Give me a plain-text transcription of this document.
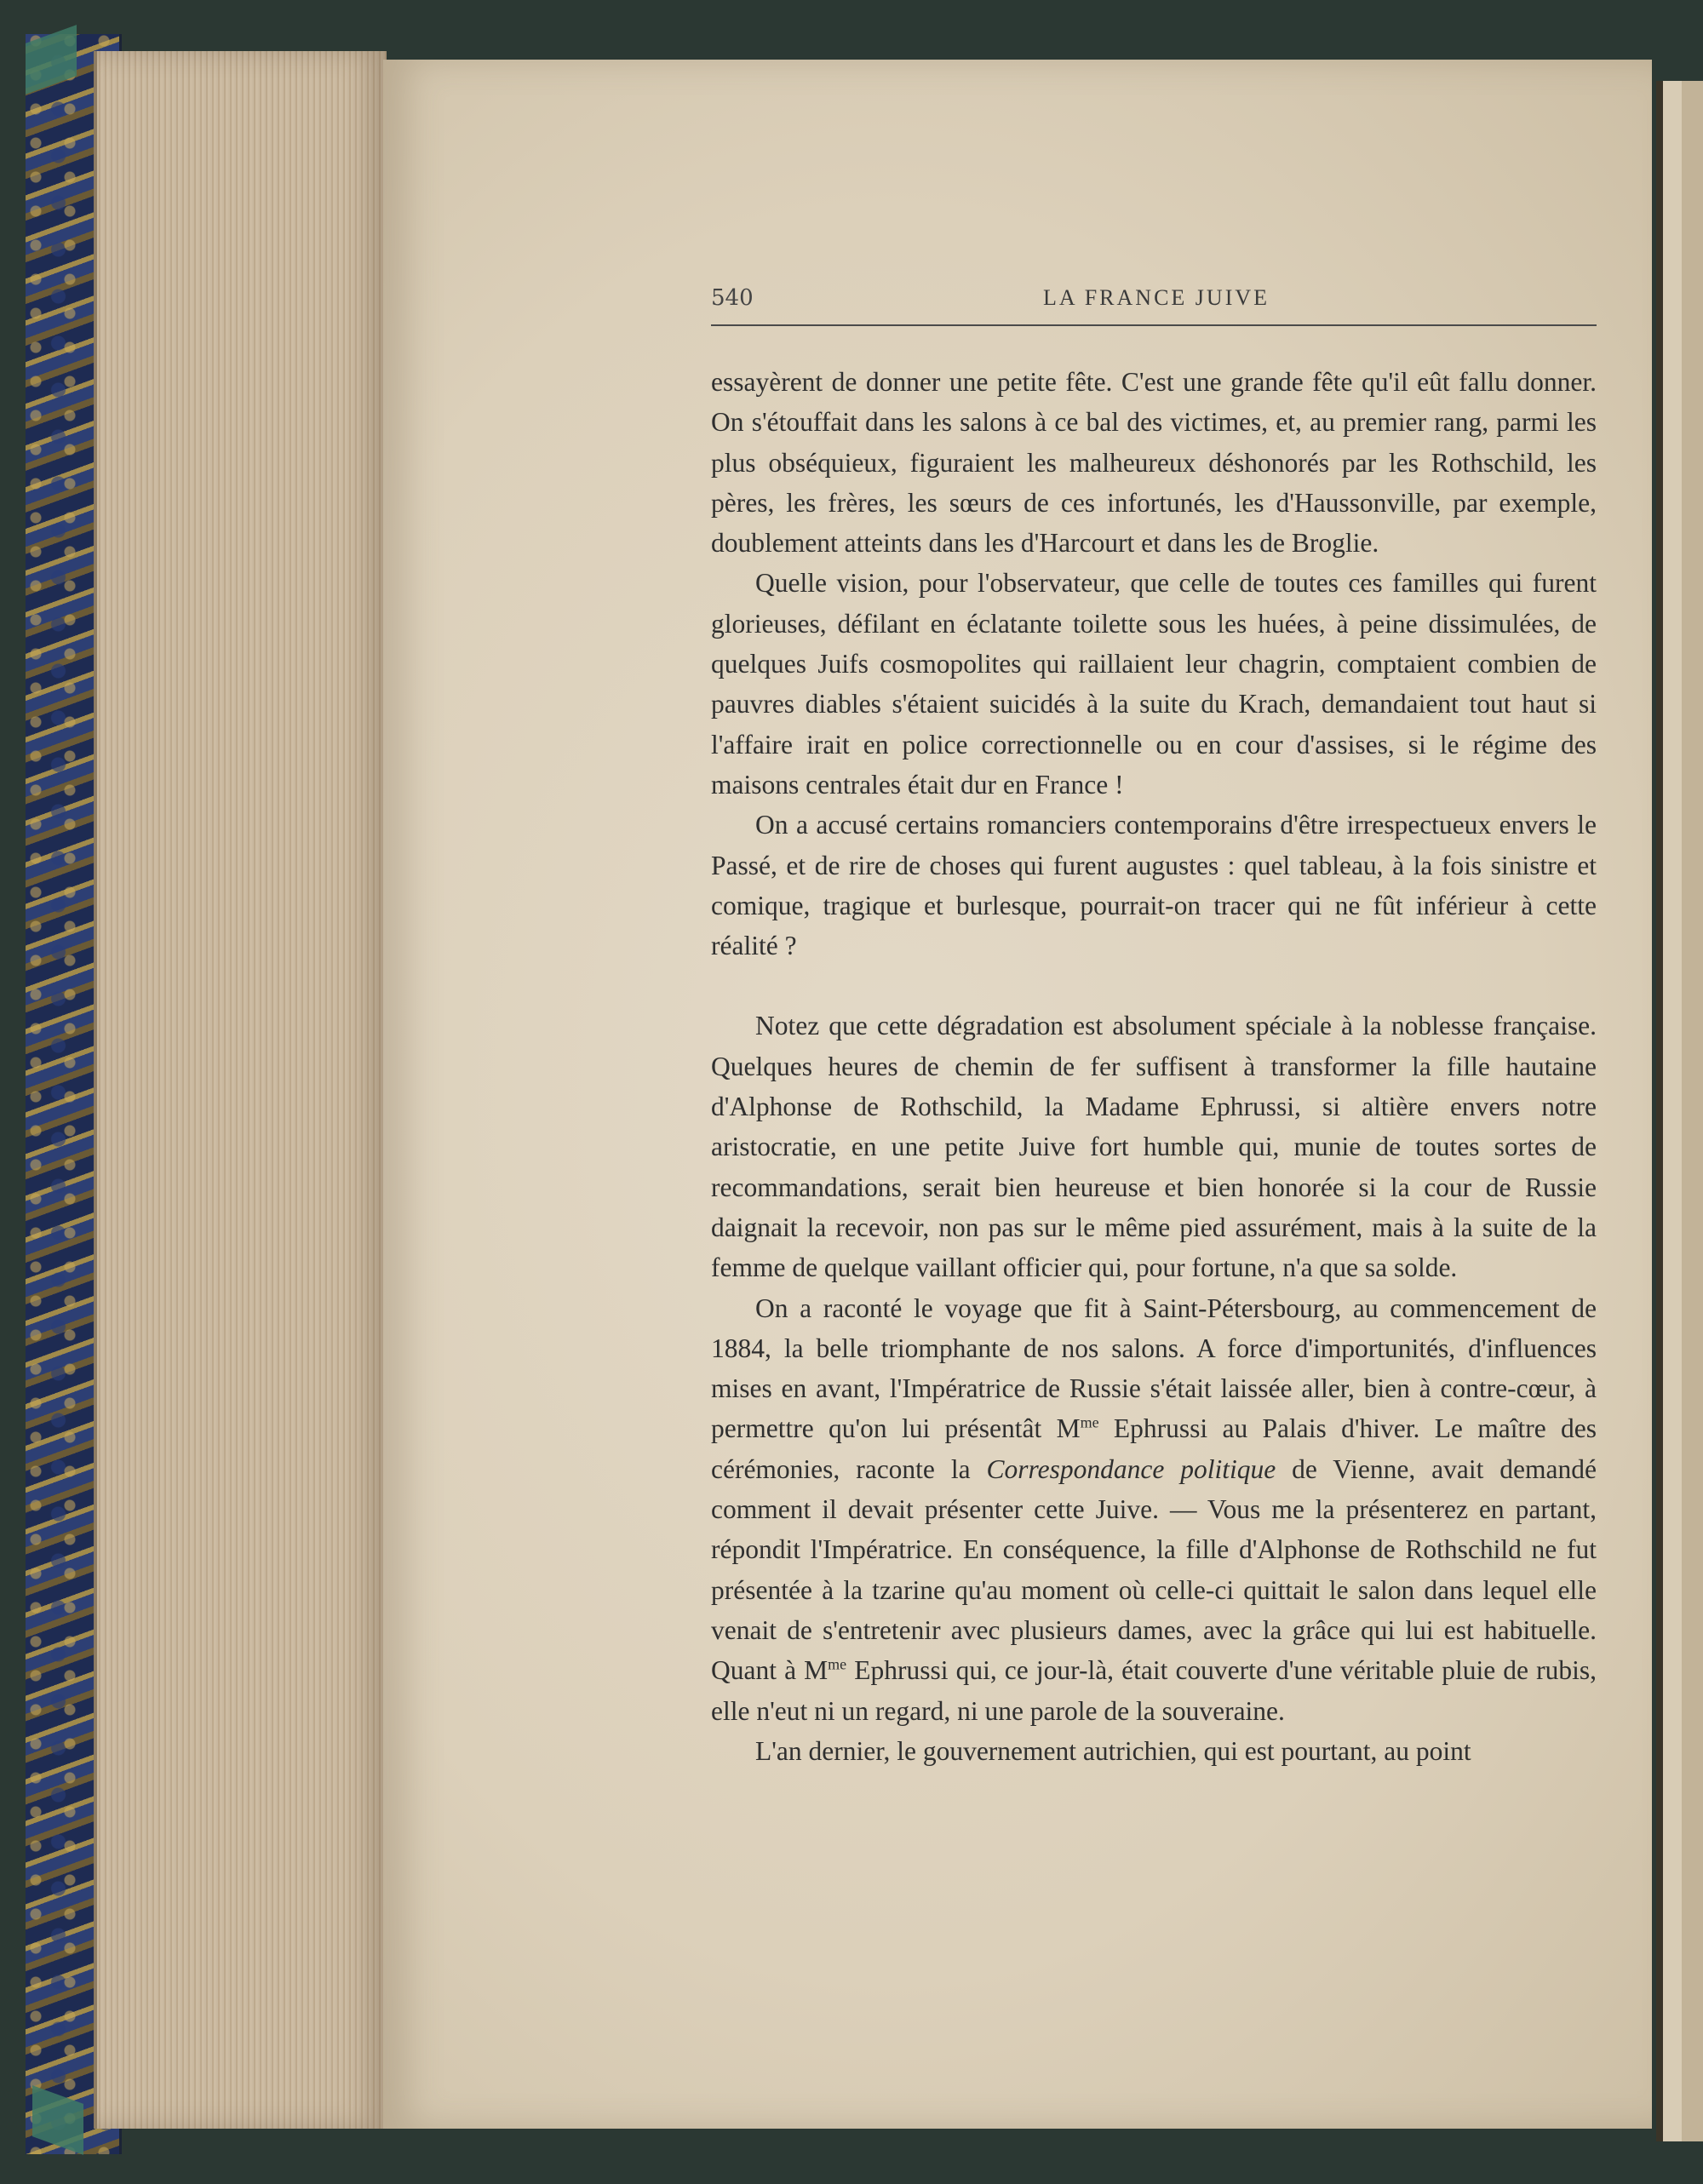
540	LA FRANCE JUIVE

essayèrent de donner une petite fête. C'est une grande fête qu'il eût fallu donner. On s'étouffait dans les salons à ce bal des victimes, et, au premier rang, parmi les plus obséquieux, figuraient les malheureux déshonorés par les Rothschild, les pères, les frères, les sœurs de ces infortunés, les d'Haussonville, par exemple, doublement atteints dans les d'Harcourt et dans les de Broglie.

Quelle vision, pour l'observateur, que celle de toutes ces familles qui furent glorieuses, défilant en éclatante toilette sous les huées, à peine dissimulées, de quelques Juifs cosmopolites qui raillaient leur chagrin, comptaient combien de pauvres diables s'étaient suicidés à la suite du Krach, demandaient tout haut si l'affaire irait en police correctionnelle ou en cour d'assises, si le régime des maisons centrales était dur en France !

On a accusé certains romanciers contemporains d'être irrespectueux envers le Passé, et de rire de choses qui furent augustes : quel tableau, à la fois sinistre et comique, tragique et burlesque, pourrait-on tracer qui ne fût inférieur à cette réalité ?

Notez que cette dégradation est absolument spéciale à la noblesse française. Quelques heures de chemin de fer suffisent à transformer la fille hautaine d'Alphonse de Rothschild, la Madame Ephrussi, si altière envers notre aristocratie, en une petite Juive fort humble qui, munie de toutes sortes de recommandations, serait bien heureuse et bien honorée si la cour de Russie daignait la recevoir, non pas sur le même pied assurément, mais à la suite de la femme de quelque vaillant officier qui, pour fortune, n'a que sa solde.

On a raconté le voyage que fit à Saint-Pétersbourg, au commencement de 1884, la belle triomphante de nos salons. A force d'importunités, d'influences mises en avant, l'Impératrice de Russie s'était laissée aller, bien à contre-cœur, à permettre qu'on lui présentât $M^{me}$ Ephrussi au Palais d'hiver. Le maître des cérémonies, raconte la Correspondance politique de Vienne, avait demandé comment il devait présenter cette Juive. — Vous me la présenterez en partant, répondit l'Impératrice. En conséquence, la fille d'Alphonse de Rothschild ne fut présentée à la tzarine qu'au moment où celle-ci quittait le salon dans lequel elle venait de s'entretenir avec plusieurs dames, avec la grâce qui lui est habituelle. Quant à $M^{me}$ Ephrussi qui, ce jour-là, était couverte d'une véritable pluie de rubis, elle n'eut ni un regard, ni une parole de la souveraine.

L'an dernier, le gouvernement autrichien, qui est pourtant, au point
